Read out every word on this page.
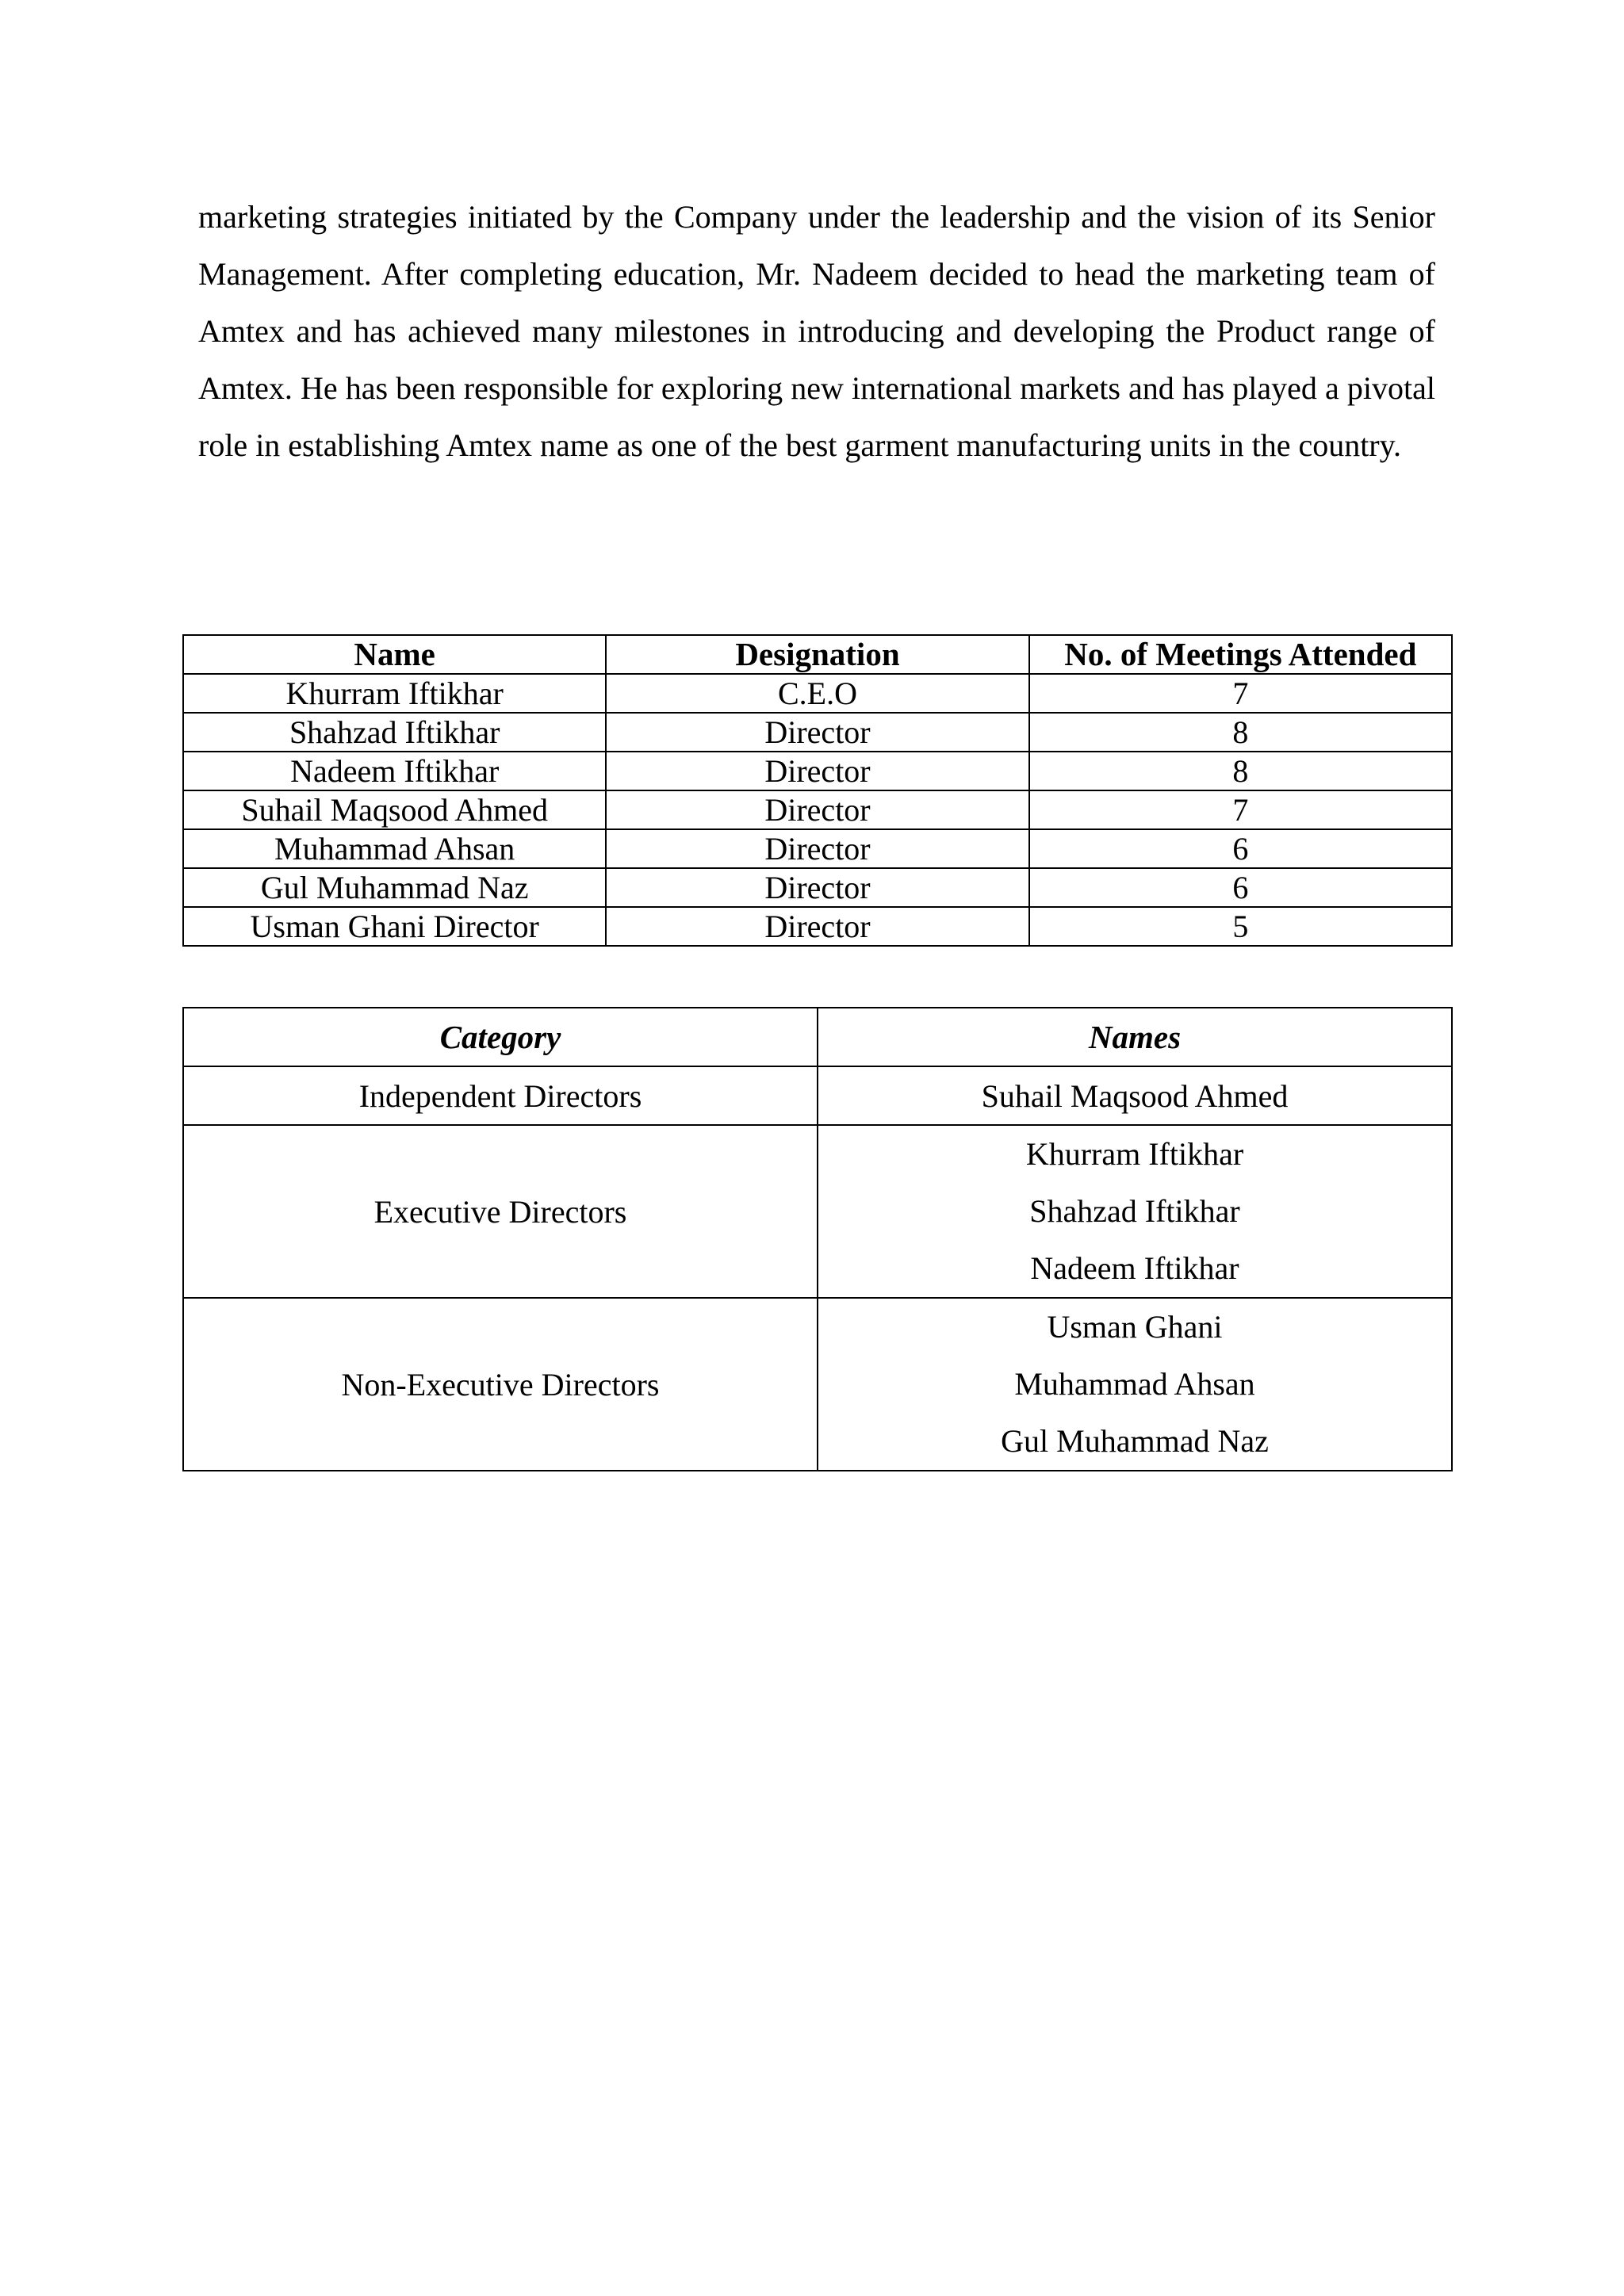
marketing strategies initiated by the Company under the leadership and the vision of its Senior Management. After completing education, Mr. Nadeem decided to head the marketing team of Amtex and has achieved many milestones in introducing and developing the Product range of Amtex. He has been responsible for exploring new international markets and has played a pivotal role in establishing Amtex name as one of the best garment manufacturing units in the country.

Name	Designation	No. of Meetings Attended
Khurram Iftikhar	C.E.O	7
Shahzad Iftikhar	Director	8
Nadeem Iftikhar	Director	8
Suhail Maqsood Ahmed	Director	7
Muhammad Ahsan	Director	6
Gul Muhammad Naz	Director	6
Usman Ghani Director	Director	5
Category	Names
Independent Directors	Suhail Maqsood Ahmed
Executive Directors	Khurram Iftikhar
Shahzad Iftikhar
Nadeem Iftikhar

Non-Executive Directors	Usman Ghani
Muhammad Ahsan
Gul Muhammad Naz
